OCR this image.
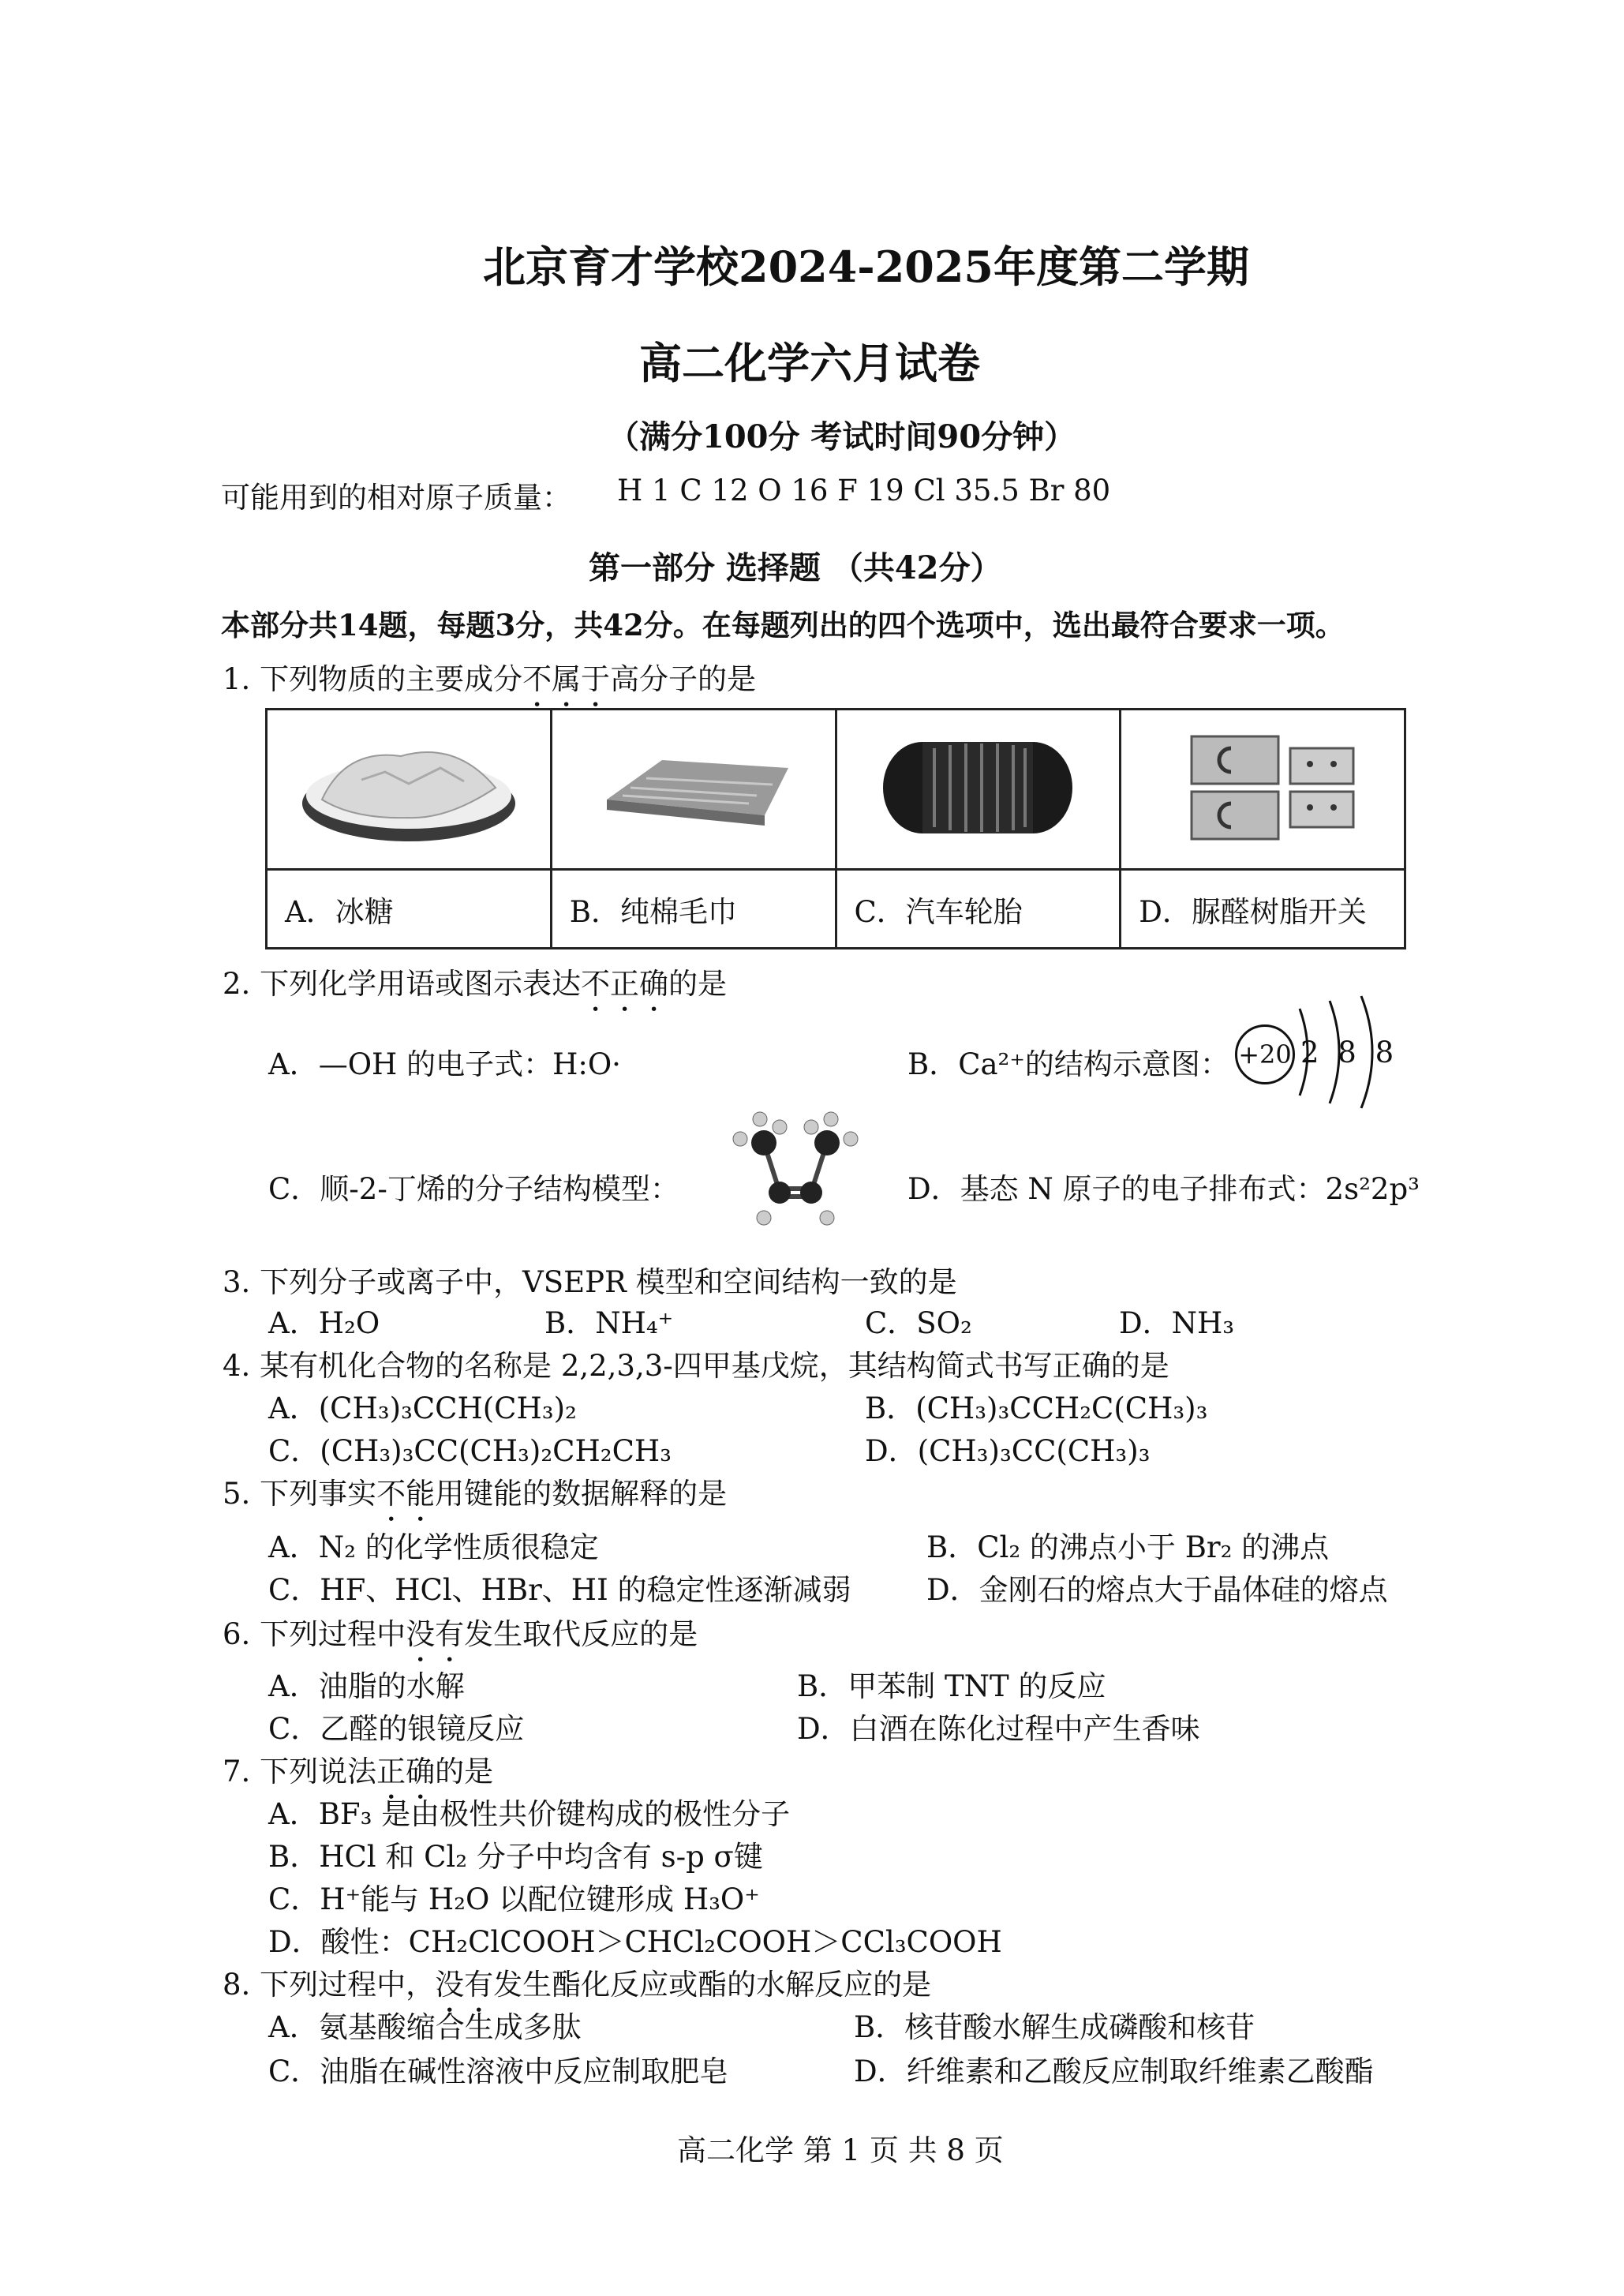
北京育才学校2024-2025年度第二学期
高二化学六月试卷
（满分100分 考试时间90分钟）
可能用到的相对原子质量： H 1 C 12 O 16 F 19 Cl 35.5 Br 80
第一部分 选择题 （共42分）
本部分共14题，每题3分，共42分。在每题列出的四个选项中，选出最符合要求一项。
1. 下列物质的主要成分不属于高分子的是

A．冰糖	B．纯棉毛巾	C．汽车轮胎	D．脲醛树脂开关
2. 下列化学用语或图示表达不正确的是
A．—OH 的电子式：H:O·	B．Ca²⁺的结构示意图： +20 2 8 8
C．顺-2-丁烯的分子结构模型：	D．基态 N 原子的电子排布式：2s²2p³
3. 下列分子或离子中，VSEPR 模型和空间结构一致的是
A．H₂O	B．NH₄⁺	C．SO₂	D．NH₃
4. 某有机化合物的名称是 2,2,3,3-四甲基戊烷，其结构简式书写正确的是
A．(CH₃)₃CCH(CH₃)₂	B．(CH₃)₃CCH₂C(CH₃)₃
C．(CH₃)₃CC(CH₃)₂CH₂CH₃	D．(CH₃)₃CC(CH₃)₃
5. 下列事实不能用键能的数据解释的是
A．N₂ 的化学性质很稳定	B．Cl₂ 的沸点小于 Br₂ 的沸点
C．HF、HCl、HBr、HI 的稳定性逐渐减弱	D．金刚石的熔点大于晶体硅的熔点
6. 下列过程中没有发生取代反应的是
A．油脂的水解	B．甲苯制 TNT 的反应
C．乙醛的银镜反应	D．白酒在陈化过程中产生香味
7. 下列说法正确的是
A．BF₃ 是由极性共价键构成的极性分子
B．HCl 和 Cl₂ 分子中均含有 s-p σ键
C．H⁺能与 H₂O 以配位键形成 H₃O⁺
D．酸性：CH₂ClCOOH＞CHCl₂COOH＞CCl₃COOH
8. 下列过程中，没有发生酯化反应或酯的水解反应的是
A．氨基酸缩合生成多肽	B．核苷酸水解生成磷酸和核苷
C．油脂在碱性溶液中反应制取肥皂	D．纤维素和乙酸反应制取纤维素乙酸酯
高二化学 第 1 页 共 8 页
